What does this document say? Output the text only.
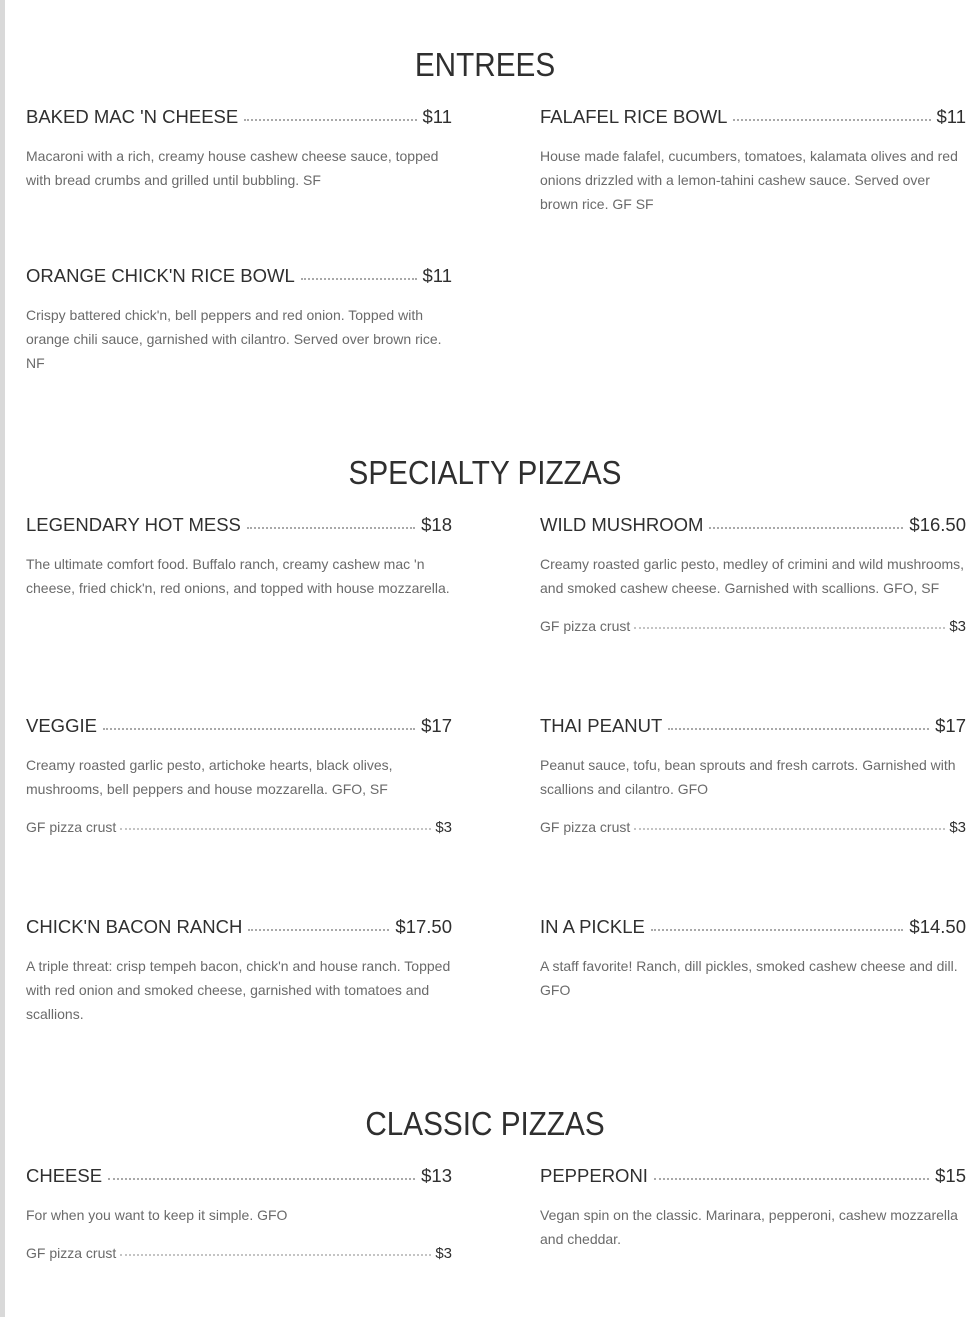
ENTREES
BAKED MAC 'N CHEESE	$11
Macaroni with a rich, creamy house cashew cheese sauce, topped with bread crumbs and grilled until bubbling. SF
FALAFEL RICE BOWL	$11
House made falafel, cucumbers, tomatoes, kalamata olives and red onions drizzled with a lemon-tahini cashew sauce. Served over brown rice. GF SF
ORANGE CHICK'N RICE BOWL	$11
Crispy battered chick'n, bell peppers and red onion. Topped with orange chili sauce, garnished with cilantro. Served over brown rice. NF
SPECIALTY PIZZAS
LEGENDARY HOT MESS	$18
The ultimate comfort food. Buffalo ranch, creamy cashew mac 'n cheese, fried chick'n, red onions, and topped with house mozzarella.
WILD MUSHROOM	$16.50
Creamy roasted garlic pesto, medley of crimini and wild mushrooms, and smoked cashew cheese. Garnished with scallions. GFO, SF
GF pizza crust	$3
VEGGIE	$17
Creamy roasted garlic pesto, artichoke hearts, black olives, mushrooms, bell peppers and house mozzarella. GFO, SF
GF pizza crust	$3
THAI PEANUT	$17
Peanut sauce, tofu, bean sprouts and fresh carrots. Garnished with scallions and cilantro. GFO
GF pizza crust	$3
CHICK'N BACON RANCH	$17.50
A triple threat: crisp tempeh bacon, chick'n and house ranch. Topped with red onion and smoked cheese, garnished with tomatoes and scallions.
IN A PICKLE	$14.50
A staff favorite! Ranch, dill pickles, smoked cashew cheese and dill. GFO
CLASSIC PIZZAS
CHEESE	$13
For when you want to keep it simple. GFO
GF pizza crust	$3
PEPPERONI	$15
Vegan spin on the classic. Marinara, pepperoni, cashew mozzarella and cheddar.
